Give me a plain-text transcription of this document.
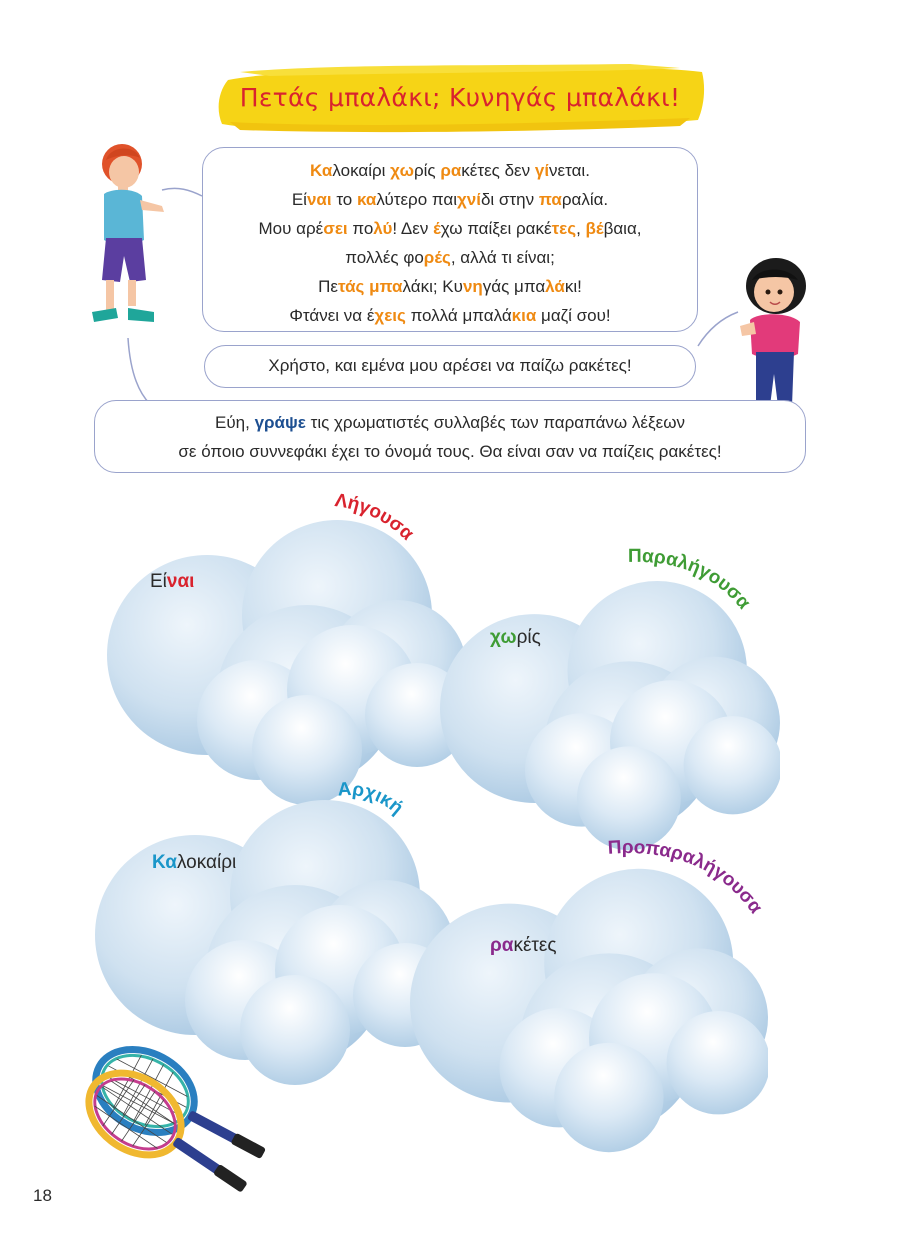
Πετάς μπαλάκι; Κυνηγάς μπαλάκι!
Καλοκαίρι χωρίς ρακέτες δεν γίνεται.
Είναι το καλύτερο παιχνίδι στην παραλία.
Μου αρέσει πολύ! Δεν έχω παίξει ρακέτες, βέβαια,
πολλές φορές, αλλά τι είναι;
Πετάς μπαλάκι; Κυνηγάς μπαλάκι!
Φτάνει να έχεις πολλά μπαλάκια μαζί σου!
Χρήστο, και εμένα μου αρέσει να παίζω ρακέτες!
Εύη, γράψε τις χρωματιστές συλλαβές των παραπάνω λέξεων
σε όποιο συννεφάκι έχει το όνομά τους. Θα είναι σαν να παίζεις ρακέτες!
Είναι
Λήγουσα
χωρίς
Παραλήγουσα
Καλοκαίρι
Αρχική
ρακέτες
Προπαραλήγουσα
18
